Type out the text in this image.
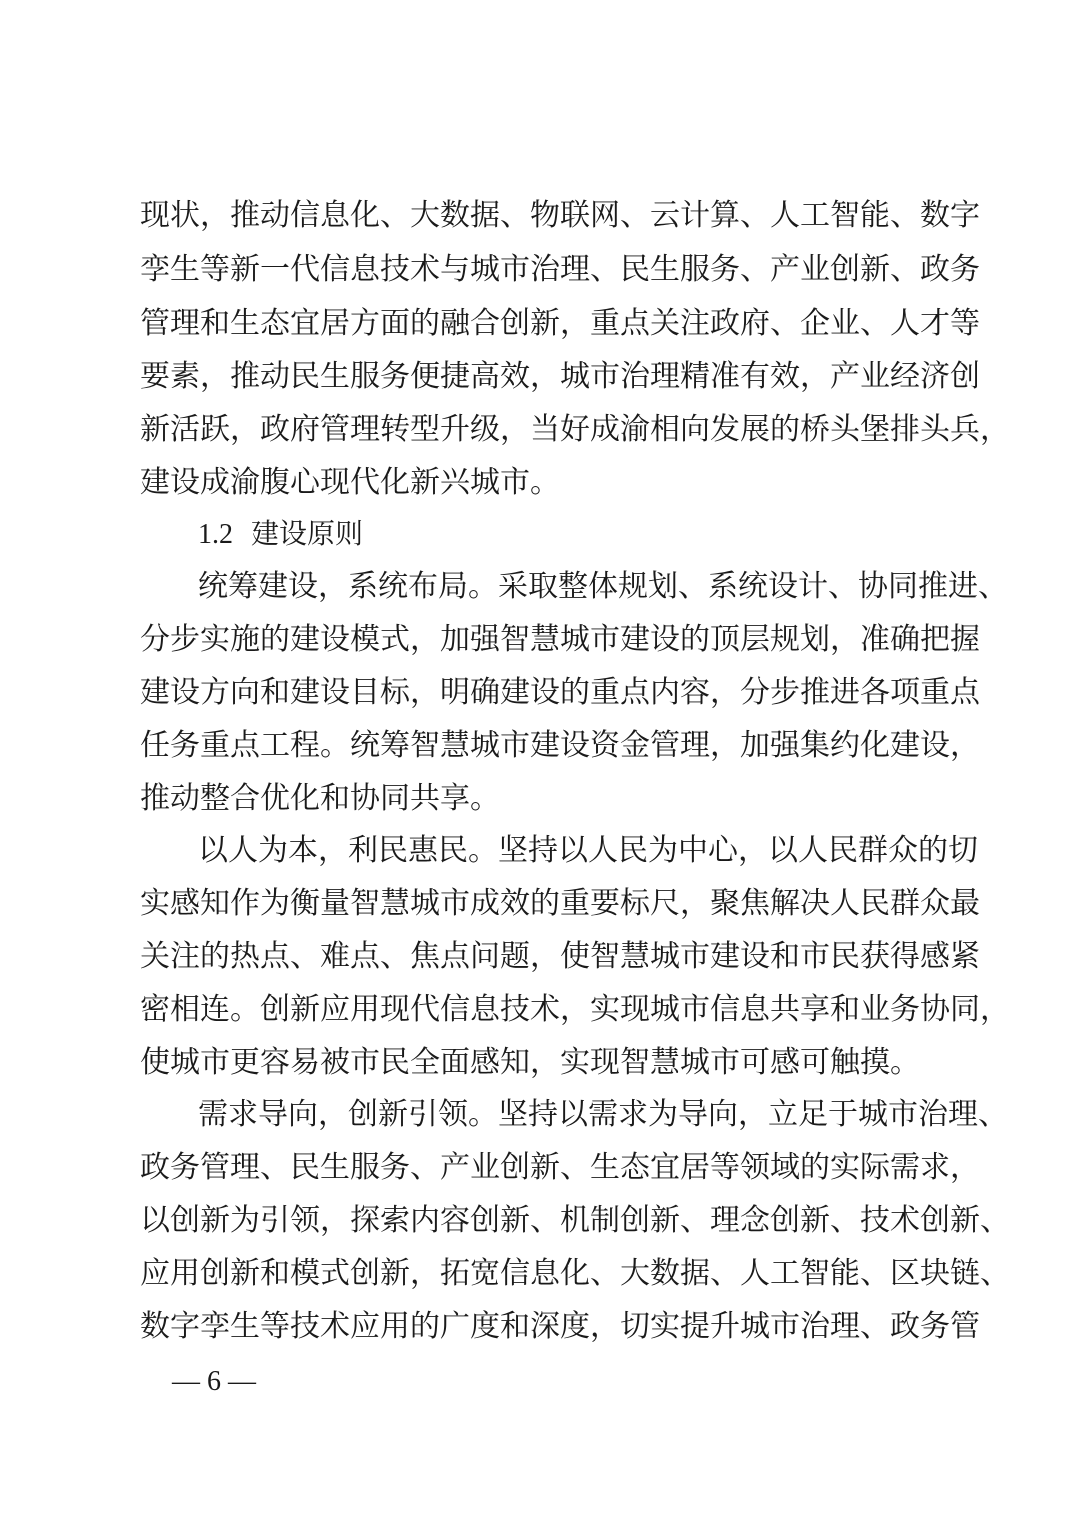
现状，推动信息化、大数据、物联网、云计算、人工智能、数字
孪生等新一代信息技术与城市治理、民生服务、产业创新、政务
管理和生态宜居方面的融合创新，重点关注政府、企业、人才等
要素，推动民生服务便捷高效，城市治理精准有效，产业经济创
新活跃，政府管理转型升级，当好成渝相向发展的桥头堡排头兵，
建设成渝腹心现代化新兴城市。
1.2 建设原则
统筹建设，系统布局。采取整体规划、系统设计、协同推进、
分步实施的建设模式，加强智慧城市建设的顶层规划，准确把握
建设方向和建设目标，明确建设的重点内容，分步推进各项重点
任务重点工程。统筹智慧城市建设资金管理，加强集约化建设，
推动整合优化和协同共享。
以人为本，利民惠民。坚持以人民为中心，以人民群众的切
实感知作为衡量智慧城市成效的重要标尺，聚焦解决人民群众最
关注的热点、难点、焦点问题，使智慧城市建设和市民获得感紧
密相连。创新应用现代信息技术，实现城市信息共享和业务协同，
使城市更容易被市民全面感知，实现智慧城市可感可触摸。
需求导向，创新引领。坚持以需求为导向，立足于城市治理、
政务管理、民生服务、产业创新、生态宜居等领域的实际需求，
以创新为引领，探索内容创新、机制创新、理念创新、技术创新、
应用创新和模式创新，拓宽信息化、大数据、人工智能、区块链、
数字孪生等技术应用的广度和深度，切实提升城市治理、政务管
— 6 —
